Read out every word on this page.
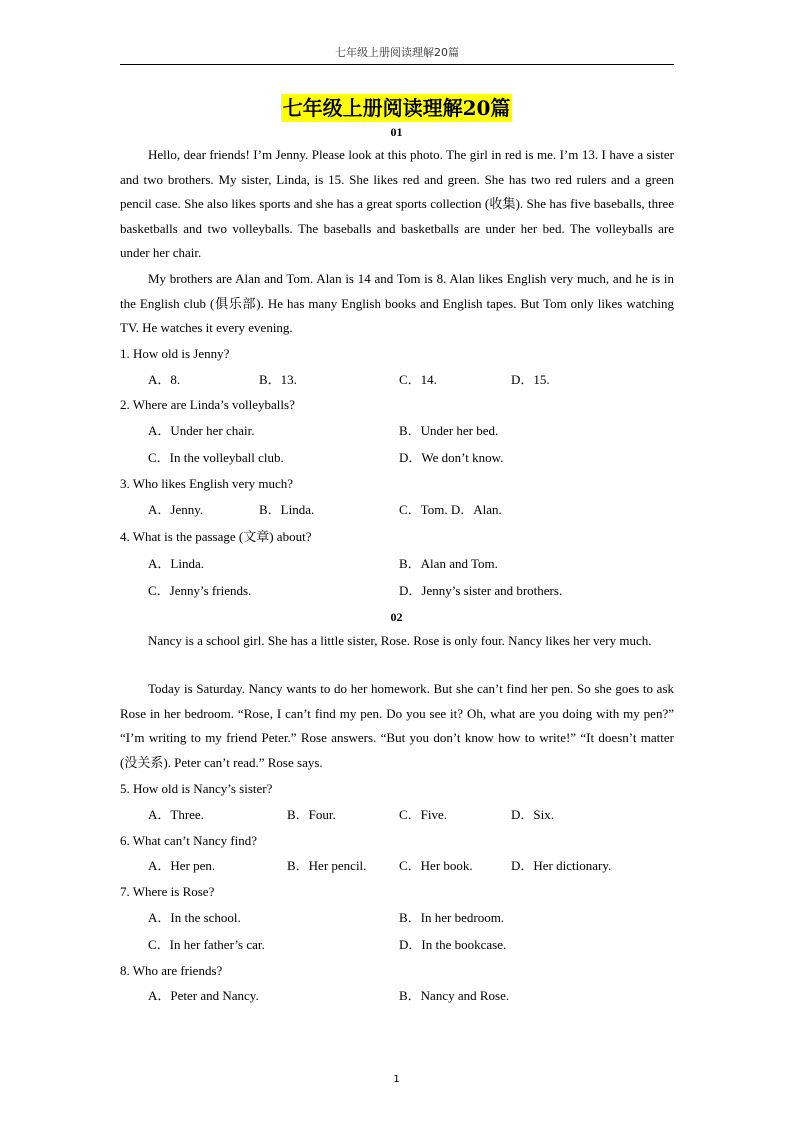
七年级上册阅读理解20篇
七年级上册阅读理解20篇
01

Hello, dear friends! I’m Jenny. Please look at this photo. The girl in red is me. I’m 13. I have a sister and two brothers. My sister, Linda, is 15. She likes red and green. She has two red rulers and a green pencil case. She also likes sports and she has a great sports collection (收集). She has five baseballs, three basketballs and two volleyballs. The baseballs and basketballs are under her bed. The volleyballs are under her chair.

My brothers are Alan and Tom. Alan is 14 and Tom is 8. Alan likes English very much, and he is in the English club (俱乐部). He has many English books and English tapes. But Tom only likes watching TV. He watches it every evening.

1. How old is Jenny?
A．8.	B．13.	C．14.	D．15.
2. Where are Linda’s volleyballs?
A．Under her chair.	B．Under her bed.
C．In the volleyball club.	D．We don’t know.
3. Who likes English very much?
A．Jenny.	B．Linda.	C．Tom. D．Alan.
4. What is the passage (文章) about?
A．Linda.	B．Alan and Tom.
C．Jenny’s friends.	D．Jenny’s sister and brothers.
02

Nancy is a school girl. She has a little sister, Rose. Rose is only four. Nancy likes her very much.

Today is Saturday. Nancy wants to do her homework. But she can’t find her pen. So she goes to ask Rose in her bedroom. “Rose, I can’t find my pen. Do you see it? Oh, what are you doing with my pen?” “I’m writing to my friend Peter.” Rose answers. “But you don’t know how to write!” “It doesn’t matter (没关系). Peter can’t read.” Rose says.

5. How old is Nancy’s sister?
A．Three.	B．Four.	C．Five.	D．Six.
6. What can’t Nancy find?
A．Her pen.	B．Her pencil.	C．Her book.	D．Her dictionary.
7. Where is Rose?
A．In the school.	B．In her bedroom.
C．In her father’s car.	D．In the bookcase.
8. Who are friends?
A．Peter and Nancy.	B．Nancy and Rose.
1
